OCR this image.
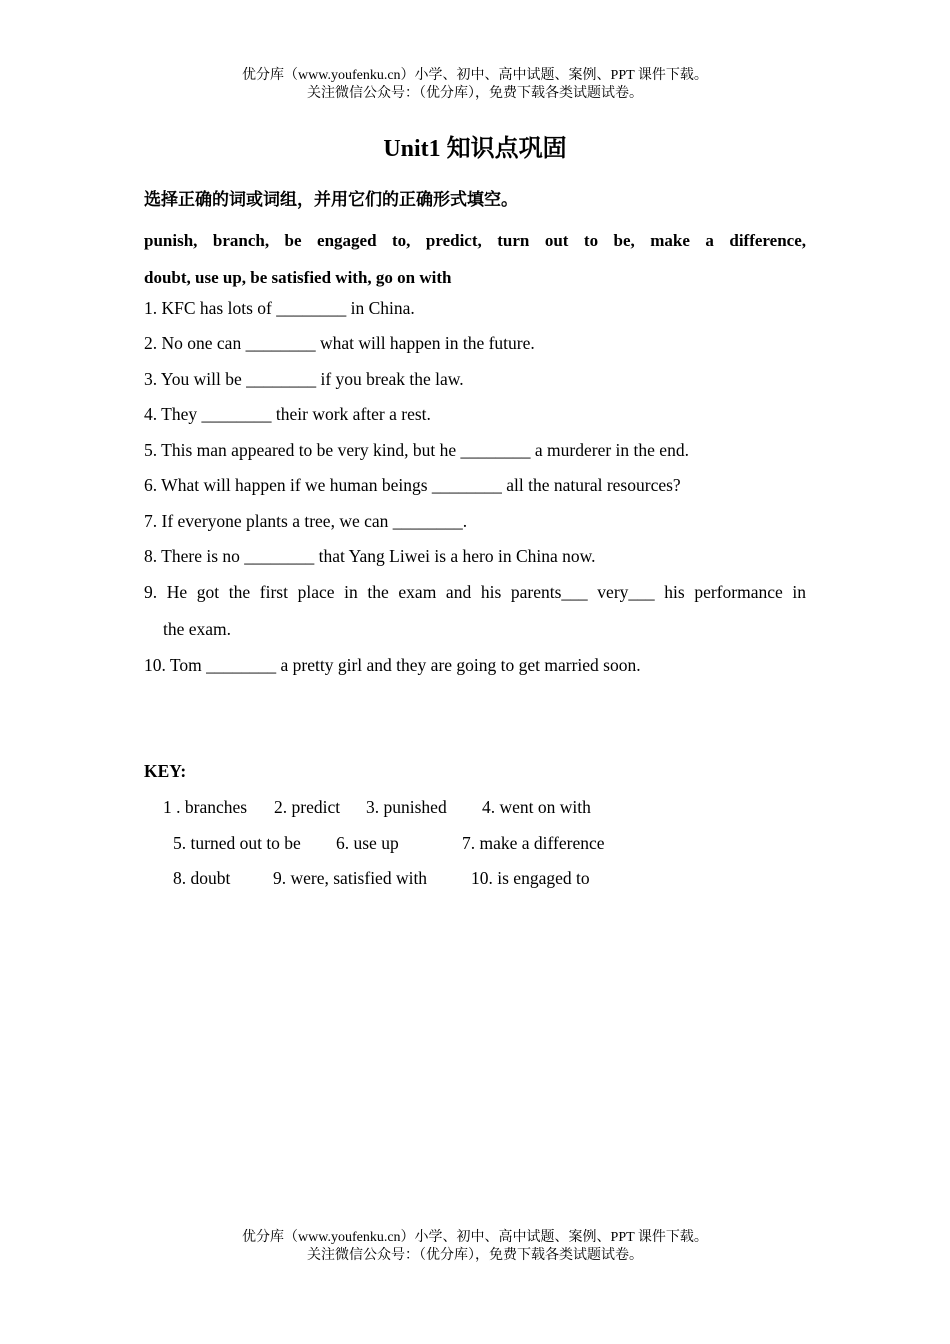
优分库（www.youfenku.cn）小学、初中、高中试题、案例、PPT 课件下载。
关注微信公众号：（优分库），免费下载各类试题试卷。
Unit1 知识点巩固
选择正确的词或词组，并用它们的正确形式填空。
punish, branch, be engaged to, predict, turn out to be, make a difference,
doubt, use up, be satisfied with, go on with
1. KFC has lots of ________ in China.
2. No one can ________ what will happen in the future.
3. You will be ________ if you break the law.
4. They ________ their work after a rest.
5. This man appeared to be very kind, but he ________ a murderer in the end.
6. What will happen if we human beings ________ all the natural resources?
7. If everyone plants a tree, we can ________.
8. There is no ________ that Yang Liwei is a hero in China now.
9. He got the first place in the exam and his parents___ very___ his performance in
the exam.
10. Tom ________ a pretty girl and they are going to get married soon.
KEY:
1 . branches 2. predict 3. punished 4. went on with
5. turned out to be 6. use up	7. make a difference
8. doubt 9. were, satisfied with	10. is engaged to
优分库（www.youfenku.cn）小学、初中、高中试题、案例、PPT 课件下载。
关注微信公众号：（优分库），免费下载各类试题试卷。
